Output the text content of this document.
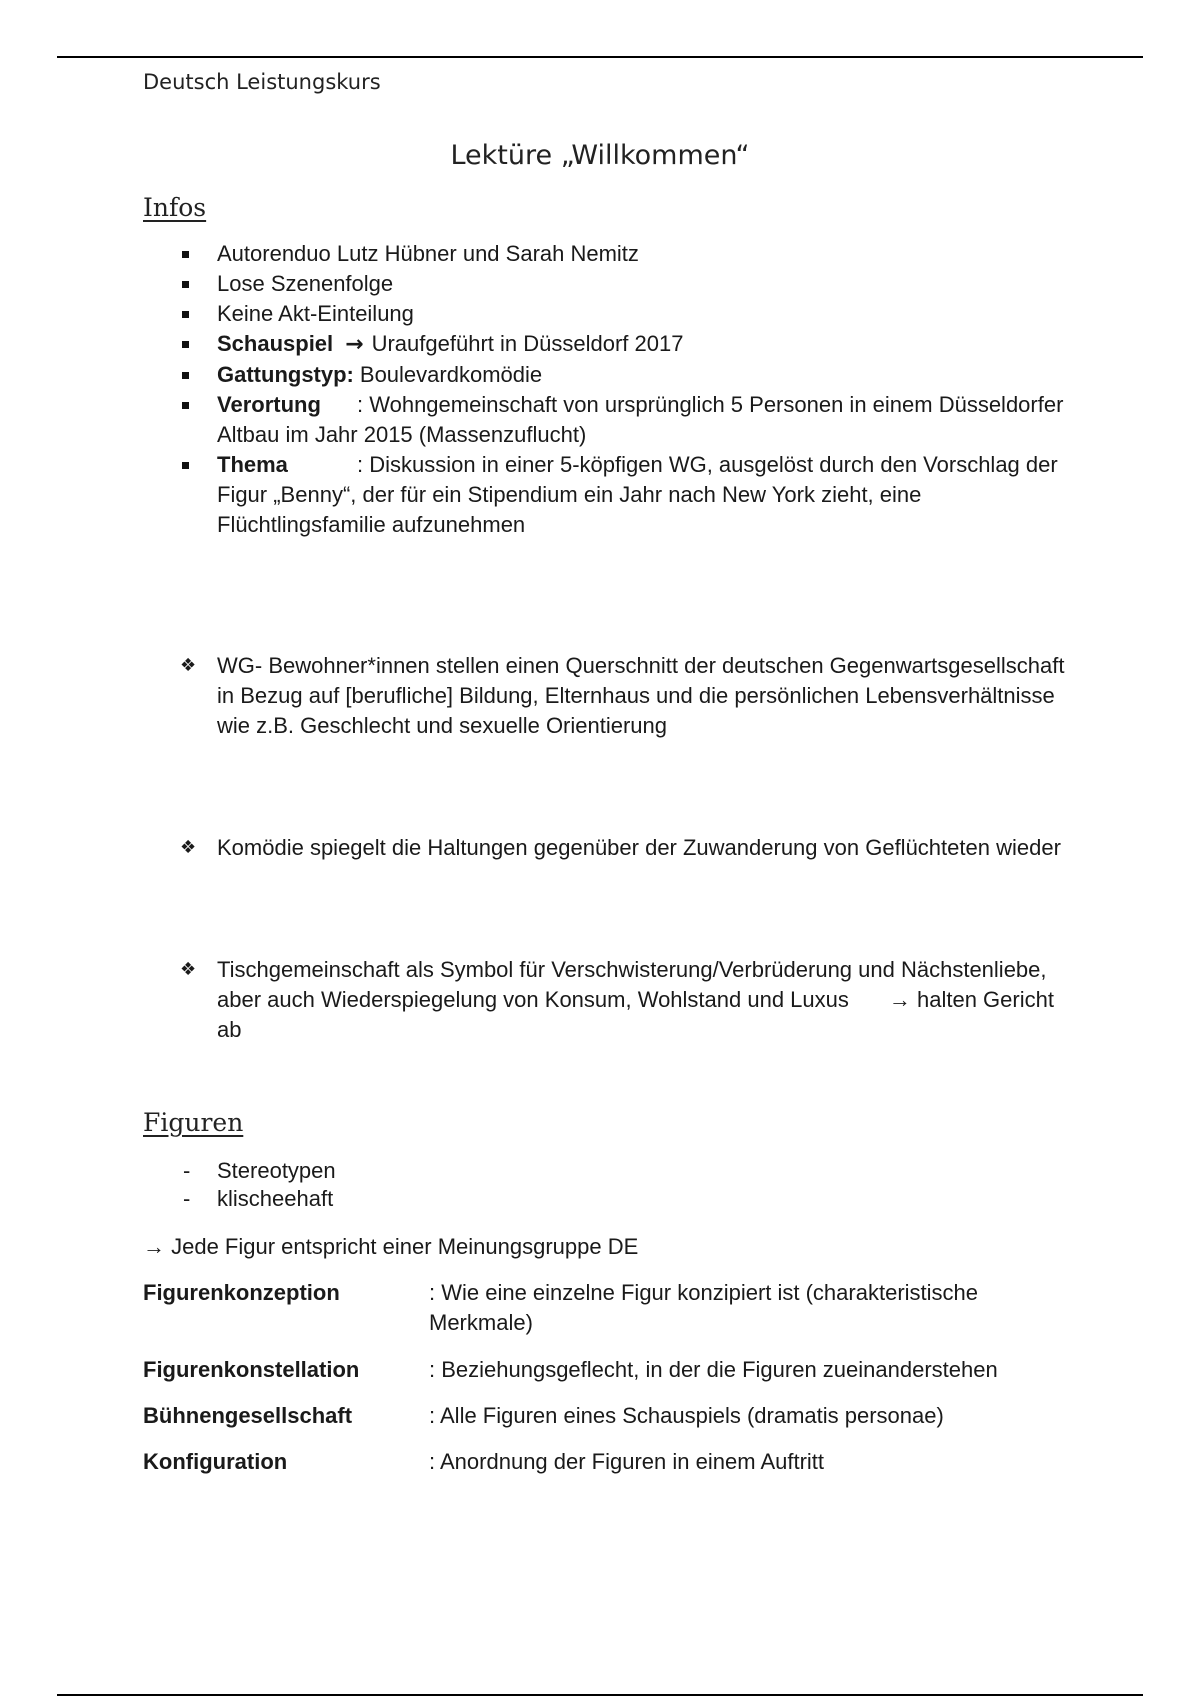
Deutsch Leistungskurs
Lektüre „Willkommen“
Infos
Autorenduo Lutz Hübner und Sarah Nemitz
Lose Szenenfolge
Keine Akt-Einteilung
Schauspiel → Uraufgeführt in Düsseldorf 2017
Gattungstyp: Boulevardkomödie
Verortung : Wohngemeinschaft von ursprünglich 5 Personen in einem Düsseldorfer Altbau im Jahr 2015 (Massenzuflucht)
Thema	: Diskussion in einer 5-köpfigen WG, ausgelöst durch den Vorschlag der Figur „Benny“, der für ein Stipendium ein Jahr nach New York zieht, eine Flüchtlingsfamilie aufzunehmen
❖ WG- Bewohner*innen stellen einen Querschnitt der deutschen Gegenwartsgesellschaft in Bezug auf [berufliche] Bildung, Elternhaus und die persönlichen Lebensverhältnisse wie z.B. Geschlecht und sexuelle Orientierung
❖ Komödie spiegelt die Haltungen gegenüber der Zuwanderung von Geflüchteten wieder
❖ Tischgemeinschaft als Symbol für Verschwisterung/Verbrüderung und Nächstenliebe, aber auch Wiederspiegelung von Konsum, Wohlstand und Luxus → halten Gericht ab
Figuren
- Stereotypen
- klischeehaft
→ Jede Figur entspricht einer Meinungsgruppe DE
Figurenkonzeption	: Wie eine einzelne Figur konzipiert ist (charakteristische Merkmale)
Figurenkonstellation	: Beziehungsgeflecht, in der die Figuren zueinanderstehen
Bühnengesellschaft	: Alle Figuren eines Schauspiels (dramatis personae)
Konfiguration	: Anordnung der Figuren in einem Auftritt
